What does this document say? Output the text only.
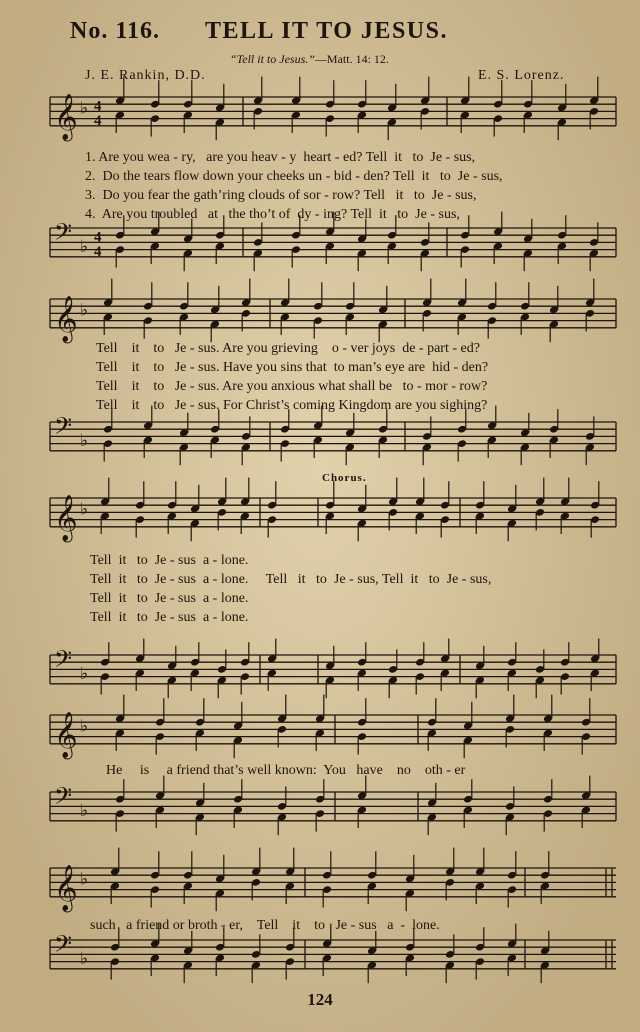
No. 116. TELL IT TO JESUS.
“Tell it to Jesus.”—Matt. 14: 12.
J. E. Rankin, D.D.	E. S. Lorenz.
𝄞 ♭ 4
4
𝄢 ♭ 4
4
𝄞 ♭
𝄢 ♭
𝄞 ♭
𝄢 ♭
𝄞 ♭
𝄢 ♭
𝄞 ♭
𝄢 ♭
1. Are you wea - ry,   are you heav - y  heart - ed? Tell  it   to  Je - sus,
2.  Do the tears flow down your cheeks un - bid - den? Tell  it   to  Je - sus,
3.  Do you fear the gath’ring clouds of sor - row? Tell   it   to  Je - sus,
4.  Are you troubled   at   the tho’t of  dy - ing? Tell  it   to  Je - sus,
Tell    it    to   Je - sus. Are you grieving    o - ver joys  de - part - ed?
Tell    it    to   Je - sus. Have you sins that  to man’s eye are  hid - den?
Tell    it    to   Je - sus. Are you anxious what shall be   to - mor - row?
Tell    it    to   Je - sus. For Christ’s coming Kingdom are you sighing?
Chorus.
Tell  it   to  Je - sus  a - lone.
Tell  it   to  Je - sus  a - lone.     Tell   it   to  Je - sus, Tell  it   to  Je - sus,
Tell  it   to  Je - sus  a - lone.
Tell  it   to  Je - sus  a - lone.
He     is     a friend that’s well known:  You   have    no    oth - er
such   a friend or broth - er,    Tell    it    to   Je - sus   a  -  lone.
124
